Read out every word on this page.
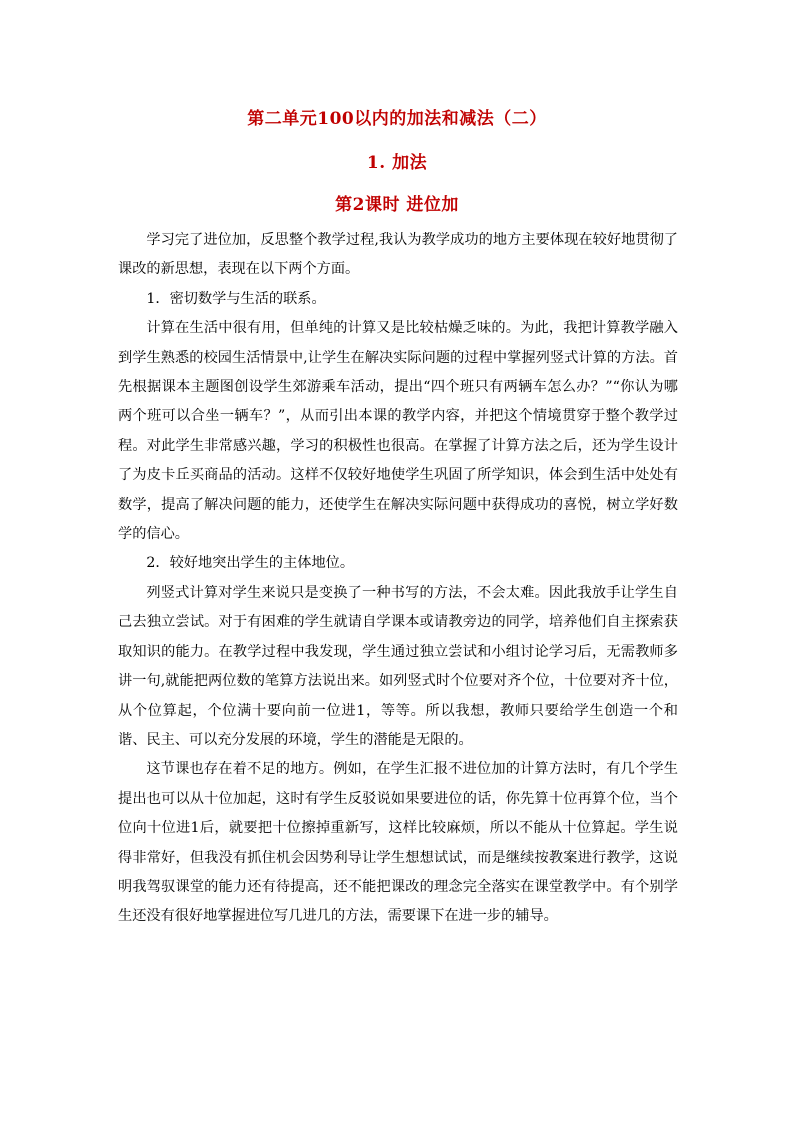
第二单元100以内的加法和减法（二）
1. 加法
第2课时 进位加

学习完了进位加，反思整个教学过程,我认为教学成功的地方主要体现在较好地贯彻了课改的新思想，表现在以下两个方面。

1．密切数学与生活的联系。

计算在生活中很有用，但单纯的计算又是比较枯燥乏味的。为此，我把计算教学融入到学生熟悉的校园生活情景中,让学生在解决实际问题的过程中掌握列竖式计算的方法。首先根据课本主题图创设学生郊游乘车活动，提出“四个班只有两辆车怎么办？”“你认为哪两个班可以合坐一辆车？”，从而引出本课的教学内容，并把这个情境贯穿于整个教学过程。对此学生非常感兴趣，学习的积极性也很高。在掌握了计算方法之后，还为学生设计了为皮卡丘买商品的活动。这样不仅较好地使学生巩固了所学知识，体会到生活中处处有数学，提高了解决问题的能力，还使学生在解决实际问题中获得成功的喜悦，树立学好数学的信心。

2．较好地突出学生的主体地位。

列竖式计算对学生来说只是变换了一种书写的方法，不会太难。因此我放手让学生自己去独立尝试。对于有困难的学生就请自学课本或请教旁边的同学，培养他们自主探索获取知识的能力。在教学过程中我发现，学生通过独立尝试和小组讨论学习后，无需教师多讲一句,就能把两位数的笔算方法说出来。如列竖式时个位要对齐个位，十位要对齐十位，从个位算起，个位满十要向前一位进1，等等。所以我想，教师只要给学生创造一个和谐、民主、可以充分发展的环境，学生的潜能是无限的。

这节课也存在着不足的地方。例如，在学生汇报不进位加的计算方法时，有几个学生提出也可以从十位加起，这时有学生反驳说如果要进位的话，你先算十位再算个位，当个位向十位进1后，就要把十位擦掉重新写，这样比较麻烦，所以不能从十位算起。学生说得非常好，但我没有抓住机会因势利导让学生想想试试，而是继续按教案进行教学，这说明我驾驭课堂的能力还有待提高，还不能把课改的理念完全落实在课堂教学中。有个别学生还没有很好地掌握进位写几进几的方法，需要课下在进一步的辅导。
